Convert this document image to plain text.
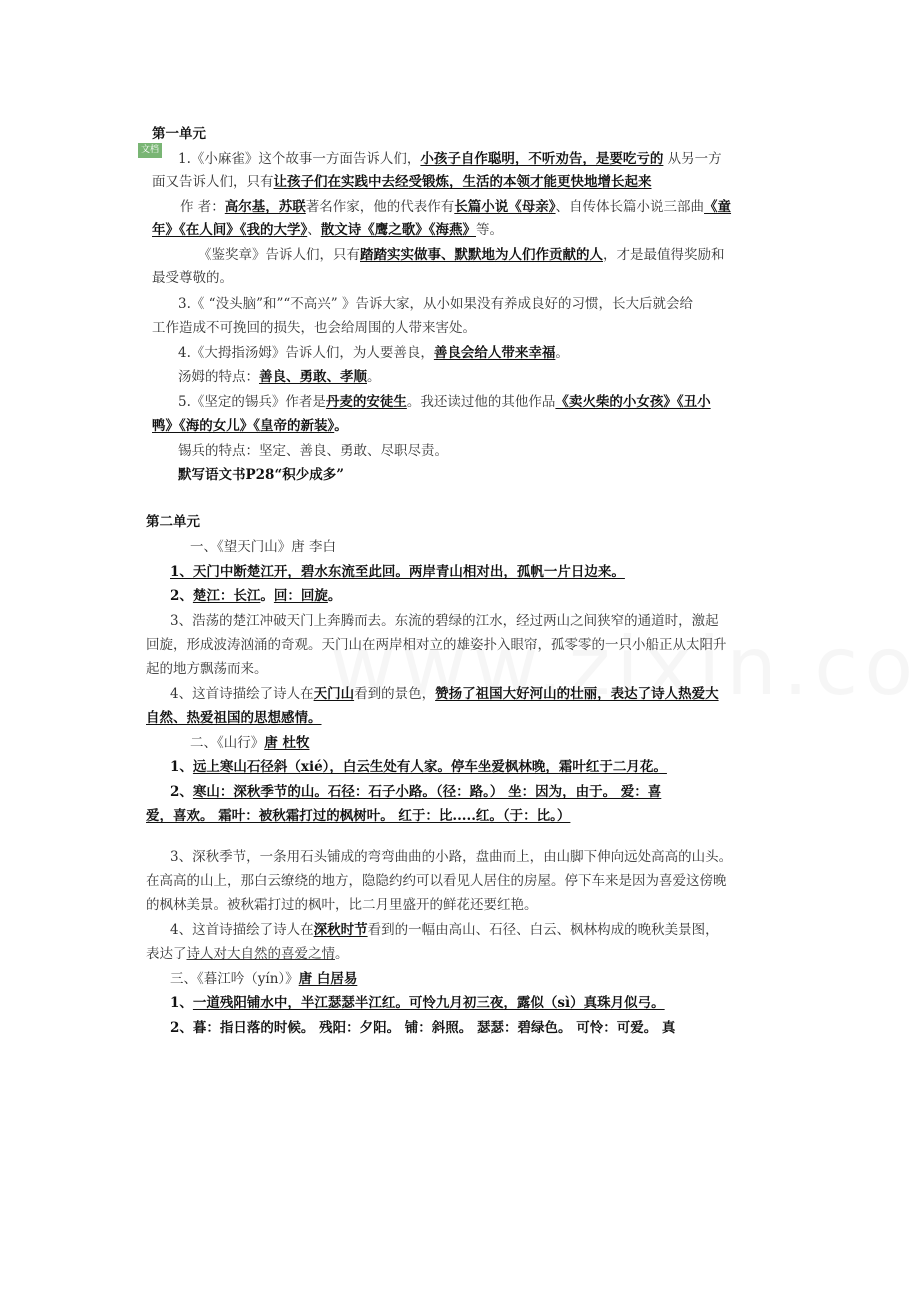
第一单元
文档
1.《小麻雀》这个故事一方面告诉人们，小孩子自作聪明，不听劝告，是要吃亏的 从另一方
面又告诉人们，只有让孩子们在实践中去经受锻炼，生活的本领才能更快地增长起来
作 者：高尔基，苏联著名作家，他的代表作有长篇小说《母亲》、自传体长篇小说三部曲《童
年》《在人间》《我的大学》、散文诗《鹰之歌》《海燕》等。
《鉴奖章》告诉人们，只有踏踏实实做事、默默地为人们作贡献的人，才是最值得奖励和
最受尊敬的。
3.《 “没头脑”和”“不高兴” 》告诉大家，从小如果没有养成良好的习惯，长大后就会给
工作造成不可挽回的损失，也会给周围的人带来害处。
4.《大拇指汤姆》告诉人们，为人要善良，善良会给人带来幸福。
汤姆的特点：善良、勇敢、孝顺。
5.《坚定的锡兵》作者是丹麦的安徒生。我还读过他的其他作品《卖火柴的小女孩》《丑小
鸭》《海的女儿》《皇帝的新装》。
锡兵的特点：坚定、善良、勇敢、尽职尽责。
默写语文书P28“积少成多”
第二单元
一、《望天门山》唐 李白
1、天门中断楚江开，碧水东流至此回。两岸青山相对出，孤帆一片日边来。
2、楚江：长江。回：回旋。
3、浩荡的楚江冲破天门上奔腾而去。东流的碧绿的江水，经过两山之间狭窄的通道时，激起
回旋，形成波涛汹涌的奇观。天门山在两岸相对立的雄姿扑入眼帘，孤零零的一只小船正从太阳升
起的地方飘荡而来。
4、这首诗描绘了诗人在天门山看到的景色，赞扬了祖国大好河山的壮丽，表达了诗人热爱大
自然、热爱祖国的思想感情。
二、《山行》唐 杜牧
1、远上寒山石径斜（xié），白云生处有人家。停车坐爱枫林晚，霜叶红于二月花。
2、寒山：深秋季节的山。石径：石子小路。（径：路。） 坐：因为，由于。 爱：喜
爱，喜欢。 霜叶：被秋霜打过的枫树叶。 红于：比.....红。（于：比。）
3、深秋季节，一条用石头铺成的弯弯曲曲的小路，盘曲而上，由山脚下伸向远处高高的山头。
在高高的山上，那白云缭绕的地方，隐隐约约可以看见人居住的房屋。停下车来是因为喜爱这傍晚
的枫林美景。被秋霜打过的枫叶，比二月里盛开的鲜花还要红艳。
4、这首诗描绘了诗人在深秋时节看到的一幅由高山、石径、白云、枫林构成的晚秋美景图，
表达了诗人对大自然的喜爱之情。
三、《暮江吟（yín）》唐 白居易
1、一道残阳铺水中，半江瑟瑟半江红。可怜九月初三夜，露似（sì）真珠月似弓。
2、暮：指日落的时候。 残阳：夕阳。 铺：斜照。 瑟瑟：碧绿色。 可怜：可爱。 真
